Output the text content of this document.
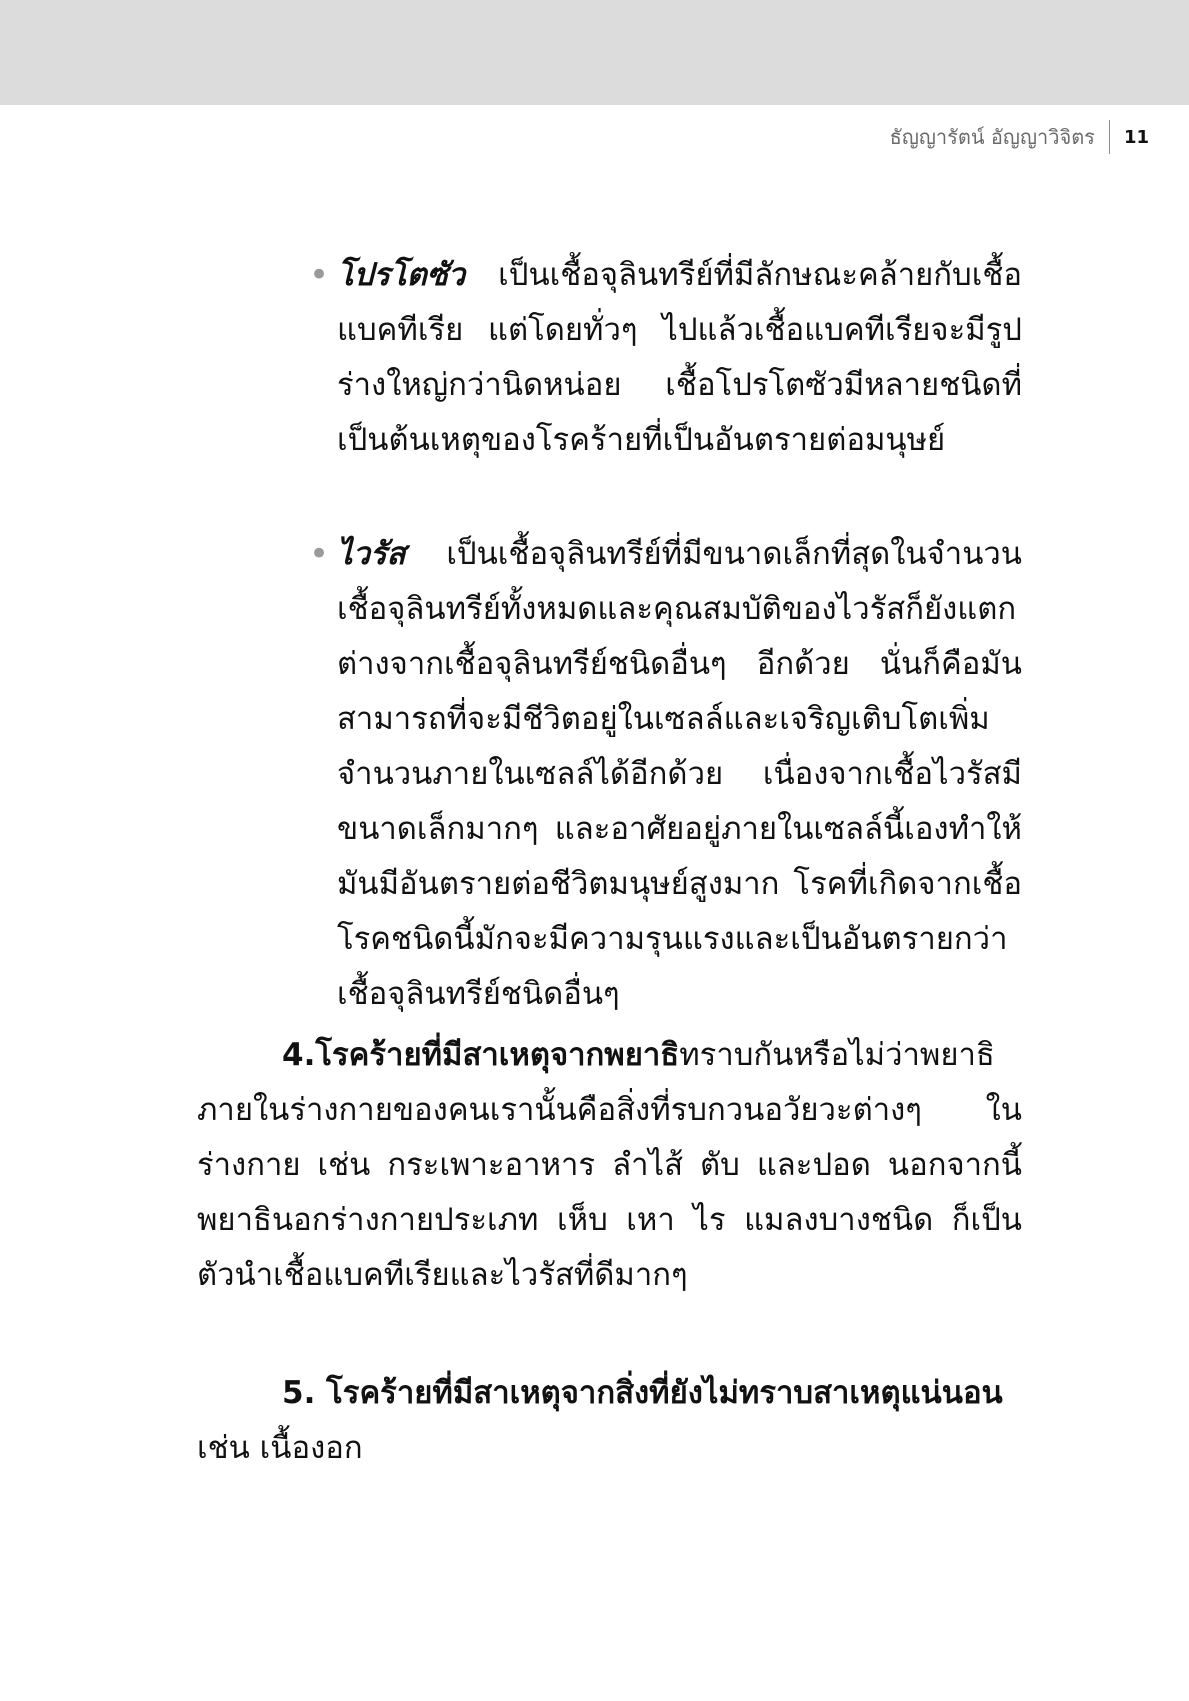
ธัญญารัตน์ อัญญาวิจิตร	11
• โปรโตซัว เป็นเชื้อจุลินทรีย์ที่มีลักษณะคล้ายกับเชื้อแบคทีเรีย แต่โดยทั่วๆ ไปแล้วเชื้อแบคทีเรียจะมีรูปร่างใหญ่กว่านิดหน่อย เชื้อโปรโตซัวมีหลายชนิดที่เป็นต้นเหตุของโรคร้ายที่เป็นอันตรายต่อมนุษย์
• ไวรัส เป็นเชื้อจุลินทรีย์ที่มีขนาดเล็กที่สุดในจำนวนเชื้อจุลินทรีย์ทั้งหมดและคุณสมบัติของไวรัสก็ยังแตกต่างจากเชื้อจุลินทรีย์ชนิดอื่นๆ อีกด้วย นั่นก็คือมันสามารถที่จะมีชีวิตอยู่ในเซลล์และเจริญเติบโตเพิ่มจำนวนภายในเซลล์ได้อีกด้วย เนื่องจากเชื้อไวรัสมีขนาดเล็กมากๆ และอาศัยอยู่ภายในเซลล์นี้เองทำให้มันมีอันตรายต่อชีวิตมนุษย์สูงมาก โรคที่เกิดจากเชื้อโรคชนิดนี้มักจะมีความรุนแรงและเป็นอันตรายกว่าเชื้อจุลินทรีย์ชนิดอื่นๆ
4.โรคร้ายที่มีสาเหตุจากพยาธิทราบกันหรือไม่ว่าพยาธิภายในร่างกายของคนเรานั้นคือสิ่งที่รบกวนอวัยวะต่างๆ ในร่างกาย เช่น กระเพาะอาหาร ลำไส้ ตับ และปอด นอกจากนี้พยาธินอกร่างกายประเภท เห็บ เหา ไร แมลงบางชนิด ก็เป็นตัวนำเชื้อแบคทีเรียและไวรัสที่ดีมากๆ
5. โรคร้ายที่มีสาเหตุจากสิ่งที่ยังไม่ทราบสาเหตุแน่นอน
เช่น เนื้องอก
